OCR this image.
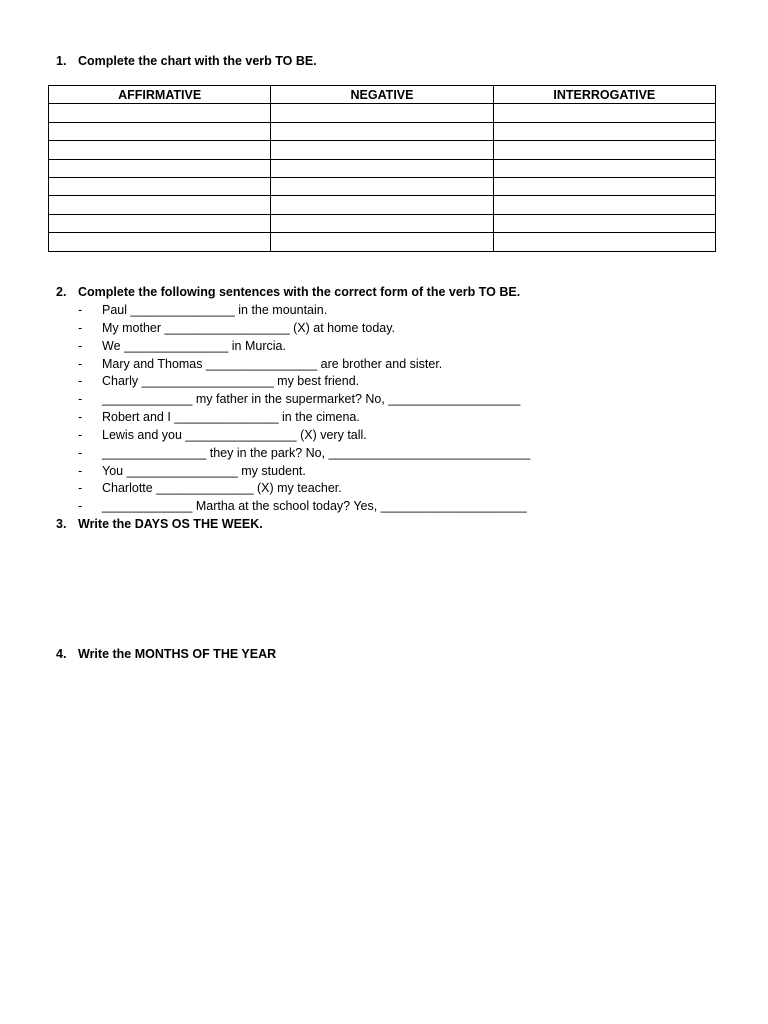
1. Complete the chart with the verb TO BE.
AFFIRMATIVE	NEGATIVE	INTERROGATIVE

2. Complete the following sentences with the correct form of the verb TO BE.
- Paul _______________ in the mountain.
- My mother __________________ (X) at home today.
- We _______________ in Murcia.
- Mary and Thomas ________________ are brother and sister.
- Charly ___________________ my best friend.
- _____________ my father in the supermarket? No, ___________________
- Robert and I _______________ in the cimena.
- Lewis and you ________________ (X) very tall.
- _______________ they in the park? No, _____________________________
- You ________________ my student.
- Charlotte ______________ (X) my teacher.
- _____________ Martha at the school today? Yes, _____________________
3. Write the DAYS OS THE WEEK.
4. Write the MONTHS OF THE YEAR
